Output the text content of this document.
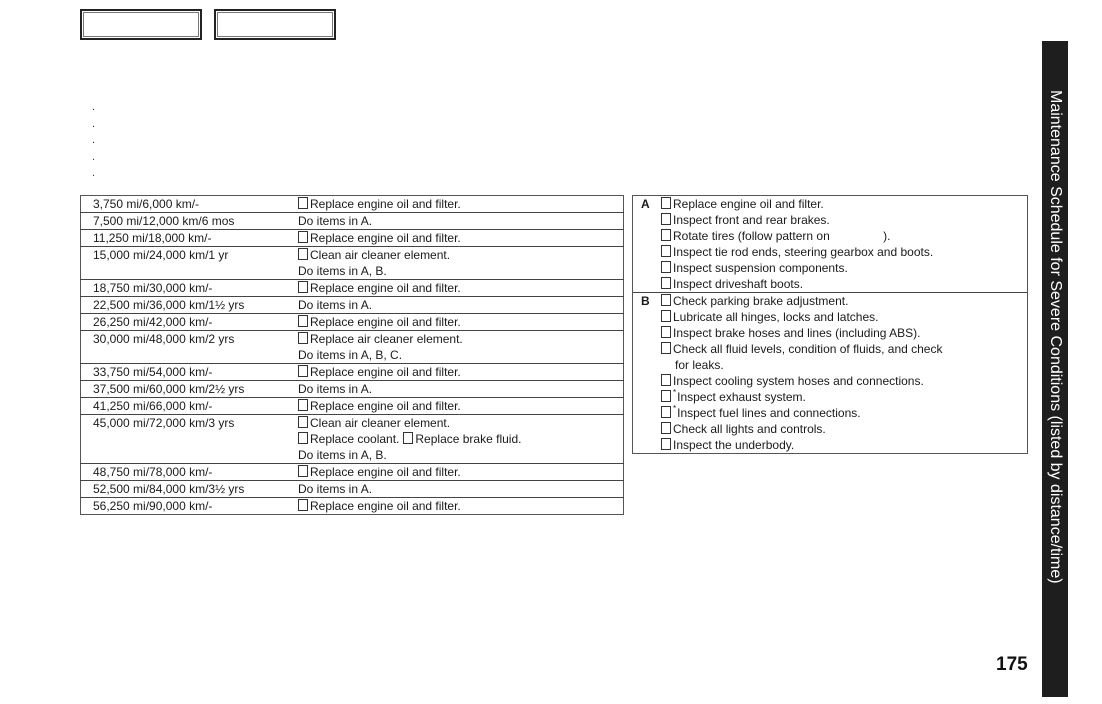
.
.
.
.
.
3,750 mi/6,000 km/-	Replace engine oil and filter.

7,500 mi/12,000 km/6 mos	Do items in A.

11,250 mi/18,000 km/-	Replace engine oil and filter.

15,000 mi/24,000 km/1 yr	Clean air cleaner element.
Do items in A, B.

18,750 mi/30,000 km/-	Replace engine oil and filter.

22,500 mi/36,000 km/1½ yrs	Do items in A.

26,250 mi/42,000 km/-	Replace engine oil and filter.

30,000 mi/48,000 km/2 yrs	Replace air cleaner element.
Do items in A, B, C.

33,750 mi/54,000 km/-	Replace engine oil and filter.

37,500 mi/60,000 km/2½ yrs	Do items in A.

41,250 mi/66,000 km/-	Replace engine oil and filter.

45,000 mi/72,000 km/3 yrs	Clean air cleaner element.
Replace coolant. Replace brake fluid.
Do items in A, B.

48,750 mi/78,000 km/-	Replace engine oil and filter.

52,500 mi/84,000 km/3½ yrs	Do items in A.

56,250 mi/90,000 km/-	Replace engine oil and filter.
A Replace engine oil and filter.
Inspect front and rear brakes.
Rotate tires (follow pattern on                ).
Inspect tie rod ends, steering gearbox and boots.
Inspect suspension components.
Inspect driveshaft boots.
B Check parking brake adjustment.
Lubricate all hinges, locks and latches.
Inspect brake hoses and lines (including ABS).
Check all fluid levels, condition of fluids, and check
for leaks.
Inspect cooling system hoses and connections.
* Inspect exhaust system.
* Inspect fuel lines and connections.
Check all lights and controls.
Inspect the underbody.	Maintenance Schedule for Severe Conditions (listed by distance/time)
175
